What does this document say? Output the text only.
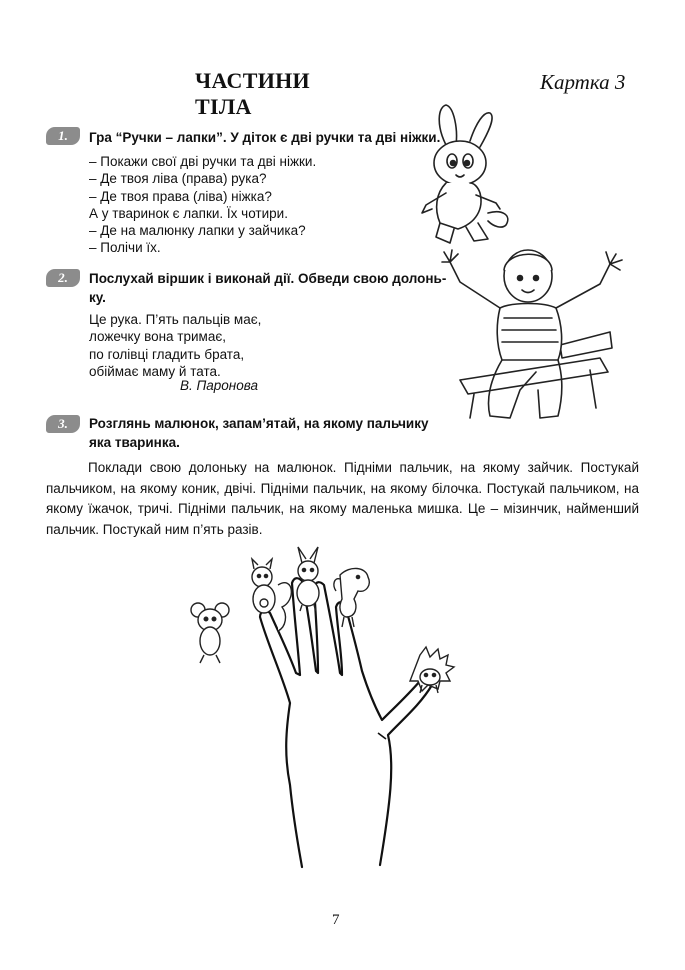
ЧАСТИНИ ТІЛА
Картка 3
1.	Гра “Ручки – лапки”. У діток є дві ручки та дві ніжки.
– Покажи свої дві ручки та дві ніжки.
– Де твоя ліва (права) рука?
– Де твоя права (ліва) ніжка?
А у тваринок є лапки. Їх чотири.
– Де на малюнку лапки у зайчика?
– Полічи їх.
2.	Послухай віршик і виконай дії. Обведи свою долонь-
ку.
Це рука. П’ять пальців має,
ложечку вона тримає,
по голівці гладить брата,
обіймає маму й тата.
В. Паронова
3.	Розглянь малюнок, запам’ятай, на якому пальчику
яка тваринка.
Поклади свою долоньку на малюнок. Підніми пальчик, на якому зайчик. Постукай пальчиком, на якому коник, двічі. Підніми пальчик, на якому білочка. Постукай пальчиком, на якому їжачок, тричі. Підніми пальчик, на якому маленька мишка. Це – мізинчик, найменший пальчик. Постукай ним п’ять разів.
7
